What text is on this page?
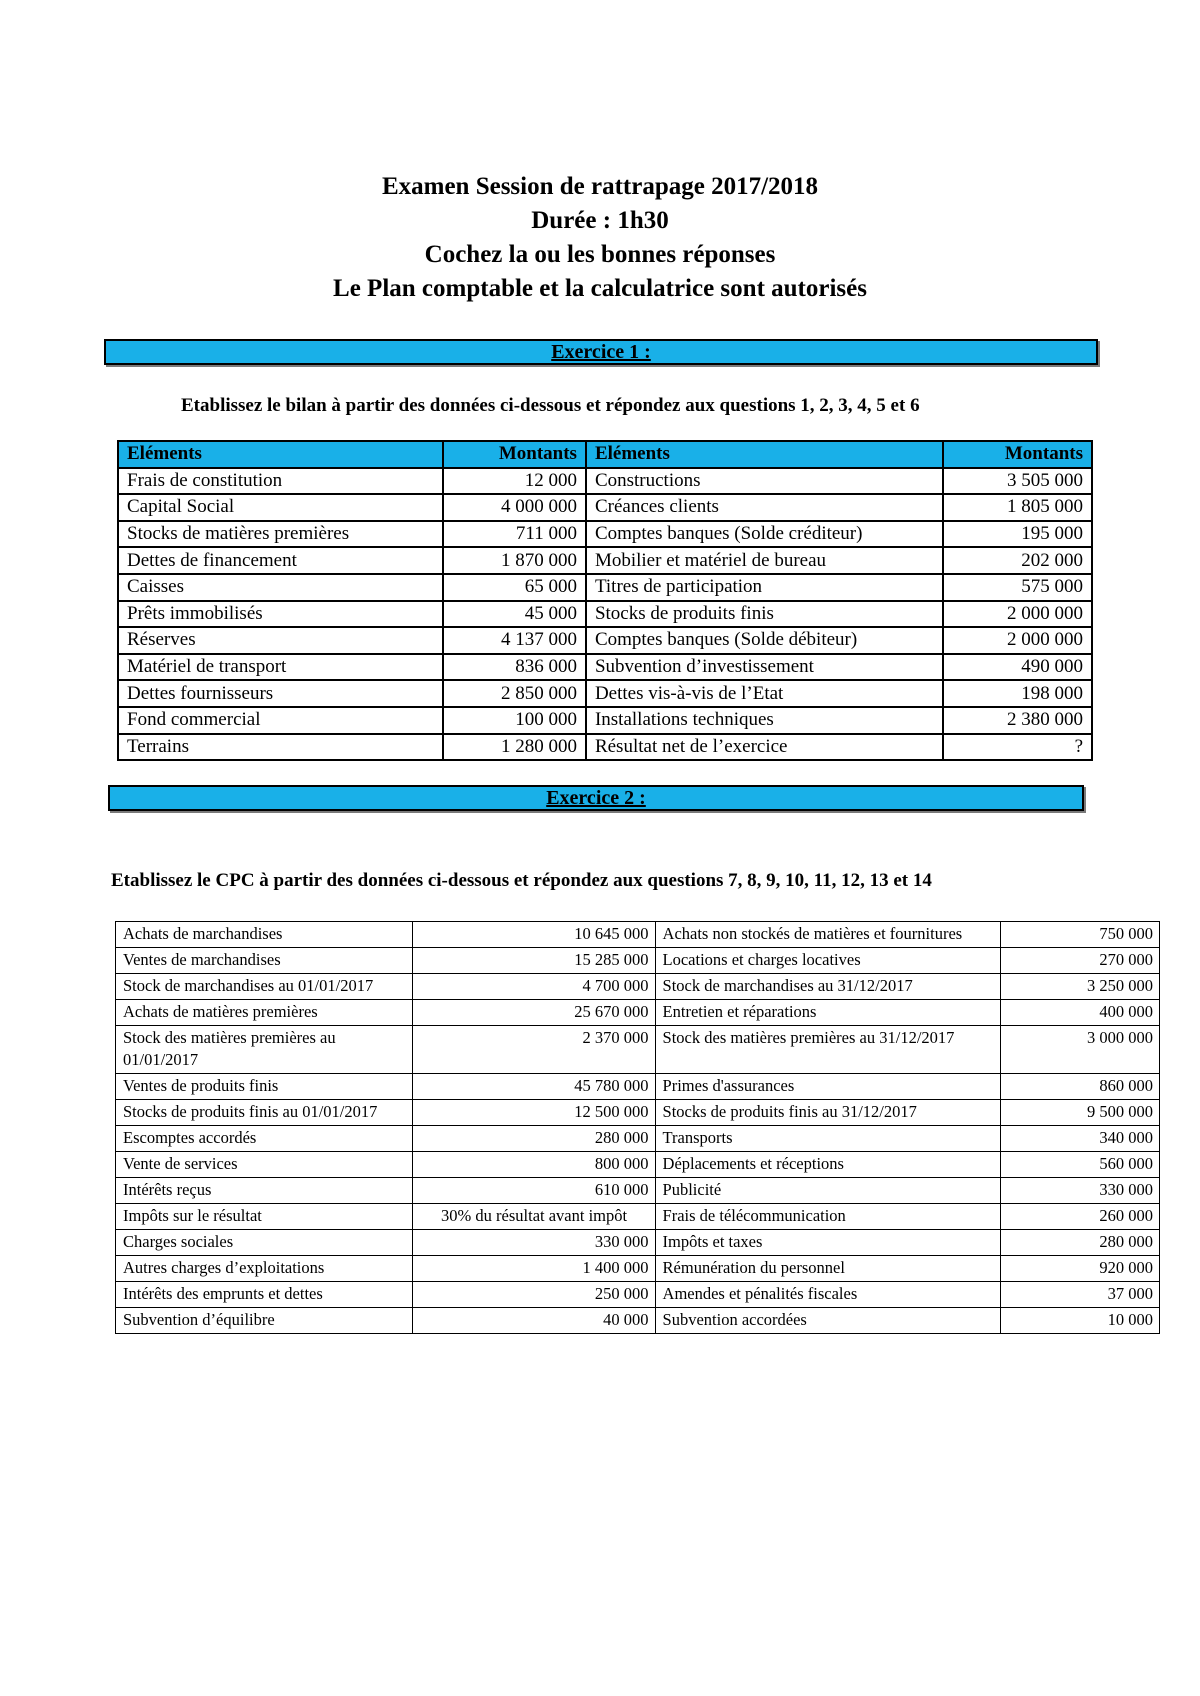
Examen Session de rattrapage 2017/2018
Durée : 1h30
Cochez la ou les bonnes réponses
Le Plan comptable et la calculatrice sont autorisés
Exercice 1 :
Etablissez le bilan à partir des données ci-dessous et répondez aux questions 1, 2, 3, 4, 5 et 6
Eléments	Montants	Eléments	Montants
Frais de constitution	12 000	Constructions	3 505 000
Capital Social	4 000 000	Créances clients	1 805 000
Stocks de matières premières	711 000	Comptes banques (Solde créditeur)	195 000
Dettes de financement	1 870 000	Mobilier et matériel de bureau	202 000
Caisses	65 000	Titres de participation	575 000
Prêts immobilisés	45 000	Stocks de produits finis	2 000 000
Réserves	4 137 000	Comptes banques (Solde débiteur)	2 000 000
Matériel de transport	836 000	Subvention d’investissement	490 000
Dettes fournisseurs	2 850 000	Dettes vis-à-vis de l’Etat	198 000
Fond commercial	100 000	Installations techniques	2 380 000
Terrains	1 280 000	Résultat net de l’exercice	?
Exercice 2 :
Etablissez le CPC à partir des données ci-dessous et répondez aux questions 7, 8, 9, 10, 11, 12, 13 et 14
Achats de marchandises	10 645 000	Achats non stockés de matières et fournitures	750 000
Ventes de marchandises	15 285 000	Locations et charges locatives	270 000
Stock de marchandises au 01/01/2017	4 700 000	Stock de marchandises au 31/12/2017	3 250 000
Achats de matières premières	25 670 000	Entretien et réparations	400 000
Stock des matières premières au 01/01/2017	2 370 000	Stock des matières premières au 31/12/2017	3 000 000
Ventes de produits finis	45 780 000	Primes d'assurances	860 000
Stocks de produits finis au 01/01/2017	12 500 000	Stocks de produits finis au 31/12/2017	9 500 000
Escomptes accordés	280 000	Transports	340 000
Vente de services	800 000	Déplacements et réceptions	560 000
Intérêts reçus	610 000	Publicité	330 000
Impôts sur le résultat	30% du résultat avant impôt	Frais de télécommunication	260 000
Charges sociales	330 000	Impôts et taxes	280 000
Autres charges d’exploitations	1 400 000	Rémunération du personnel	920 000
Intérêts des emprunts et dettes	250 000	Amendes et pénalités fiscales	37 000
Subvention d’équilibre	40 000	Subvention accordées	10 000
